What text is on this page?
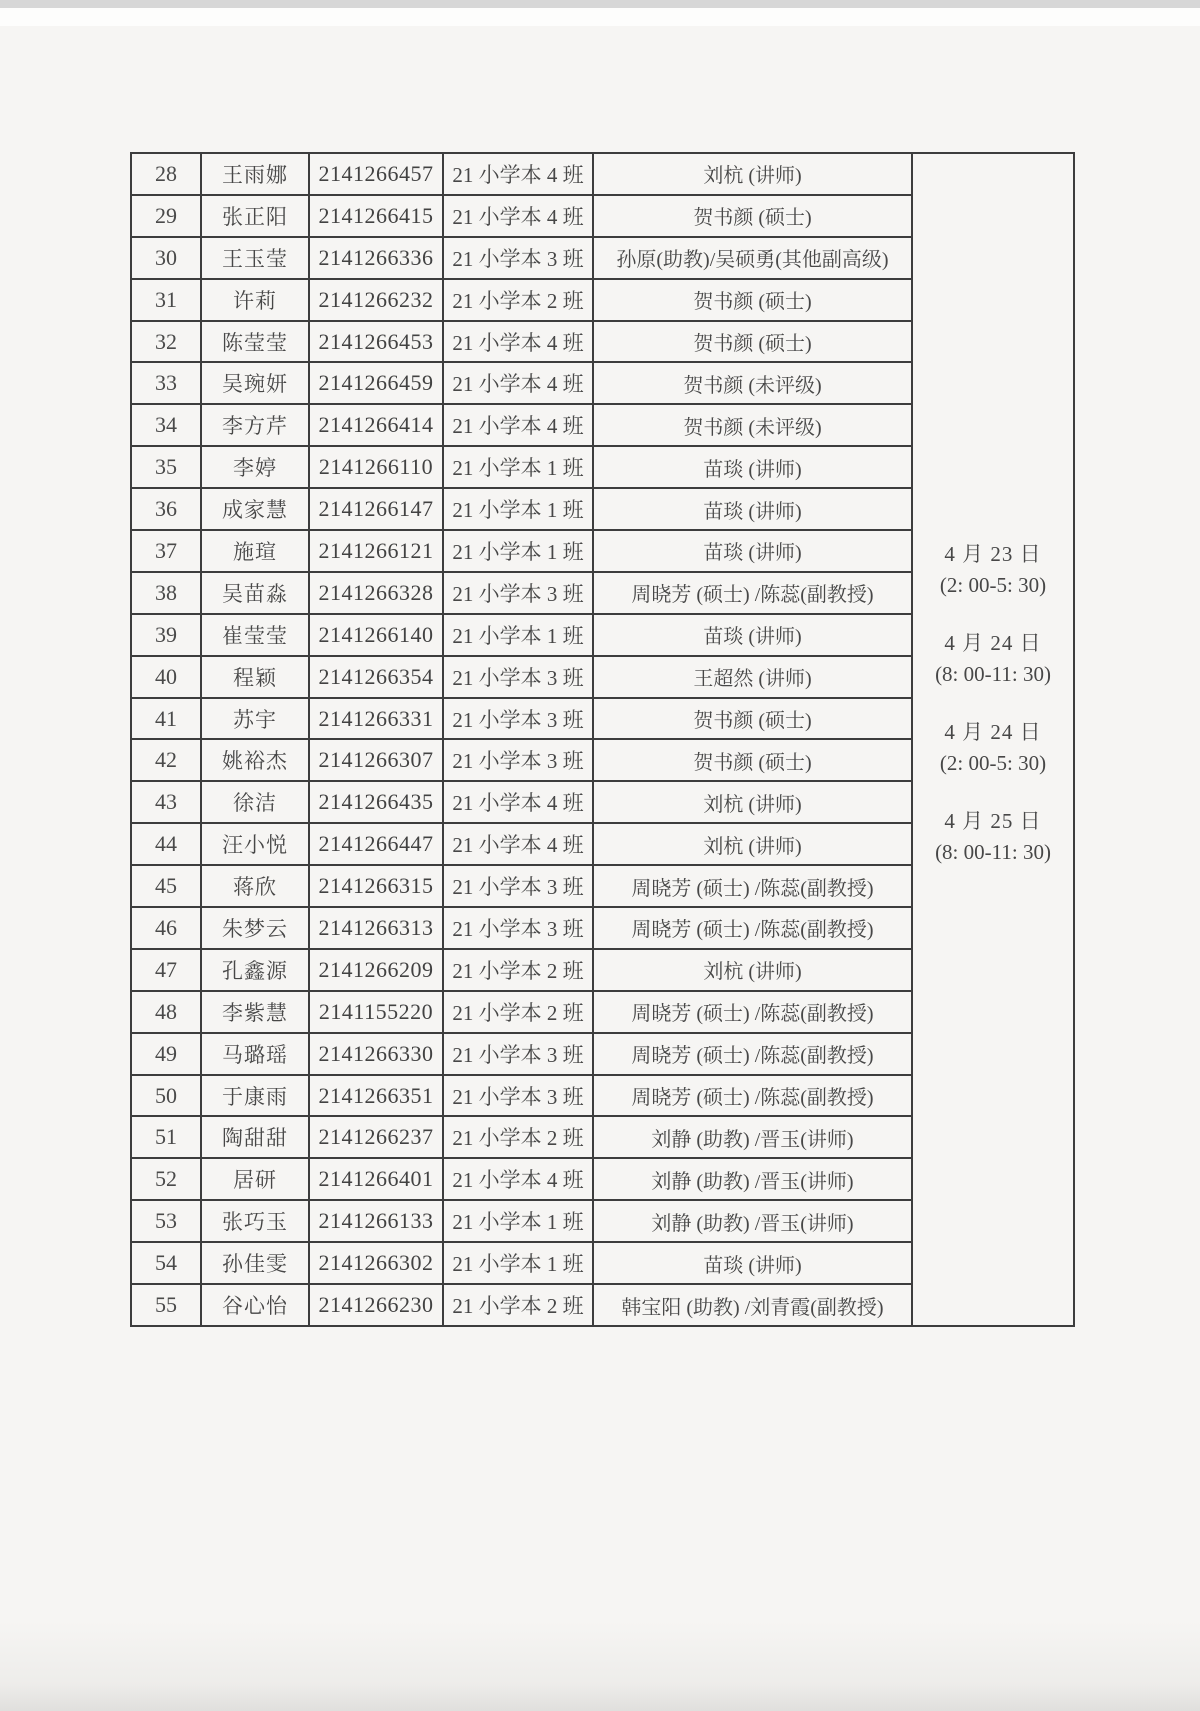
28	王雨娜	2141266457	21 小学本 4 班	刘杭 (讲师)	
4 月 23 日
(2: 00-5: 30)
4 月 24 日
(8: 00-11: 30)
4 月 24 日
(2: 00-5: 30)
4 月 25 日
(8: 00-11: 30)

29	张正阳	2141266415	21 小学本 4 班	贺书颜 (硕士)	
30	王玉莹	2141266336	21 小学本 3 班	孙原(助教)/吴硕勇(其他副高级)	
31	许莉	2141266232	21 小学本 2 班	贺书颜 (硕士)	
32	陈莹莹	2141266453	21 小学本 4 班	贺书颜 (硕士)	
33	吴琬妍	2141266459	21 小学本 4 班	贺书颜 (未评级)	
34	李方芹	2141266414	21 小学本 4 班	贺书颜 (未评级)	
35	李婷	2141266110	21 小学本 1 班	苗琰 (讲师)	
36	成家慧	2141266147	21 小学本 1 班	苗琰 (讲师)	
37	施瑄	2141266121	21 小学本 1 班	苗琰 (讲师)	
38	吴苗淼	2141266328	21 小学本 3 班	周晓芳 (硕士) /陈蕊(副教授)	
39	崔莹莹	2141266140	21 小学本 1 班	苗琰 (讲师)	
40	程颖	2141266354	21 小学本 3 班	王超然 (讲师)	
41	苏宇	2141266331	21 小学本 3 班	贺书颜 (硕士)	
42	姚裕杰	2141266307	21 小学本 3 班	贺书颜 (硕士)	
43	徐洁	2141266435	21 小学本 4 班	刘杭 (讲师)	
44	汪小悦	2141266447	21 小学本 4 班	刘杭 (讲师)	
45	蒋欣	2141266315	21 小学本 3 班	周晓芳 (硕士) /陈蕊(副教授)	
46	朱梦云	2141266313	21 小学本 3 班	周晓芳 (硕士) /陈蕊(副教授)	
47	孔鑫源	2141266209	21 小学本 2 班	刘杭 (讲师)	
48	李紫慧	2141155220	21 小学本 2 班	周晓芳 (硕士) /陈蕊(副教授)	
49	马璐瑶	2141266330	21 小学本 3 班	周晓芳 (硕士) /陈蕊(副教授)	
50	于康雨	2141266351	21 小学本 3 班	周晓芳 (硕士) /陈蕊(副教授)	
51	陶甜甜	2141266237	21 小学本 2 班	刘静 (助教) /晋玉(讲师)	
52	居研	2141266401	21 小学本 4 班	刘静 (助教) /晋玉(讲师)	
53	张巧玉	2141266133	21 小学本 1 班	刘静 (助教) /晋玉(讲师)	
54	孙佳雯	2141266302	21 小学本 1 班	苗琰 (讲师)	
55	谷心怡	2141266230	21 小学本 2 班	韩宝阳 (助教) /刘青霞(副教授)	
